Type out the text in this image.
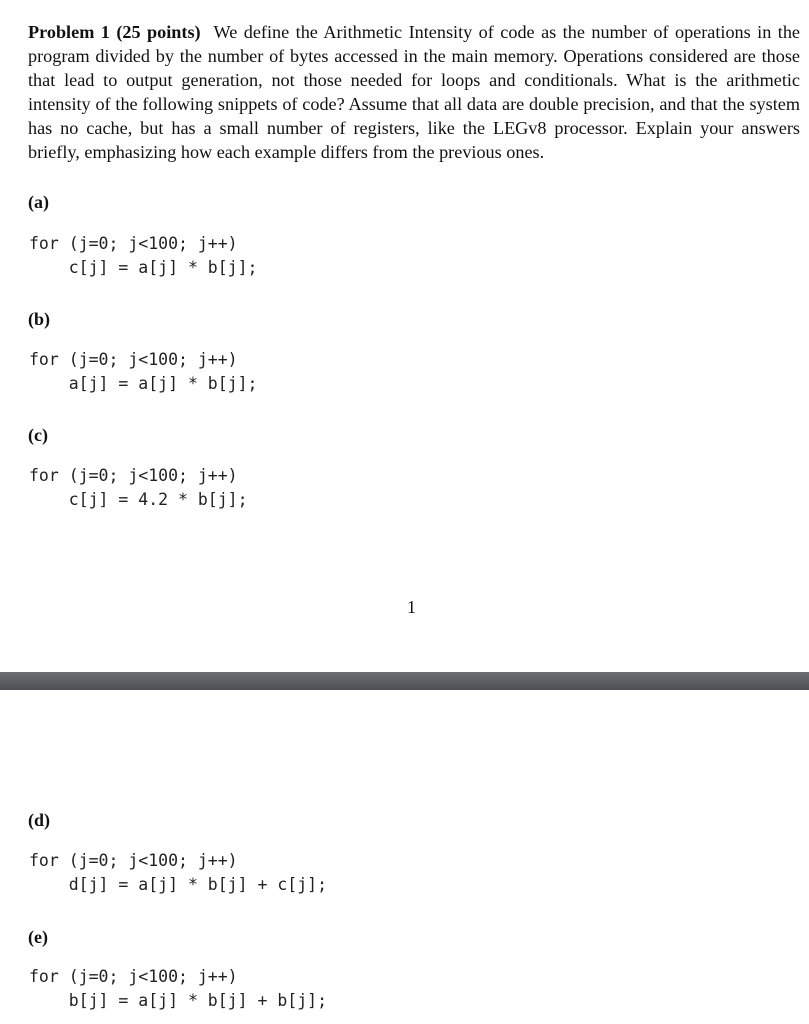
Problem 1 (25 points) We define the Arithmetic Intensity of code as the number of operations in the program divided by the number of bytes accessed in the main memory. Operations considered are those that lead to output generation, not those needed for loops and conditionals. What is the arithmetic intensity of the following snippets of code? Assume that all data are double precision, and that the system has no cache, but has a small number of registers, like the LEGv8 processor. Explain your answers briefly, emphasizing how each example differs from the previous ones.

(a)

for (j=0; j<100; j++)
c[j] = a[j] * b[j];

(b)

for (j=0; j<100; j++)
a[j] = a[j] * b[j];

(c)

for (j=0; j<100; j++)
c[j] = 4.2 * b[j];

1

(d)

for (j=0; j<100; j++)
d[j] = a[j] * b[j] + c[j];

(e)

for (j=0; j<100; j++)
b[j] = a[j] * b[j] + b[j];
